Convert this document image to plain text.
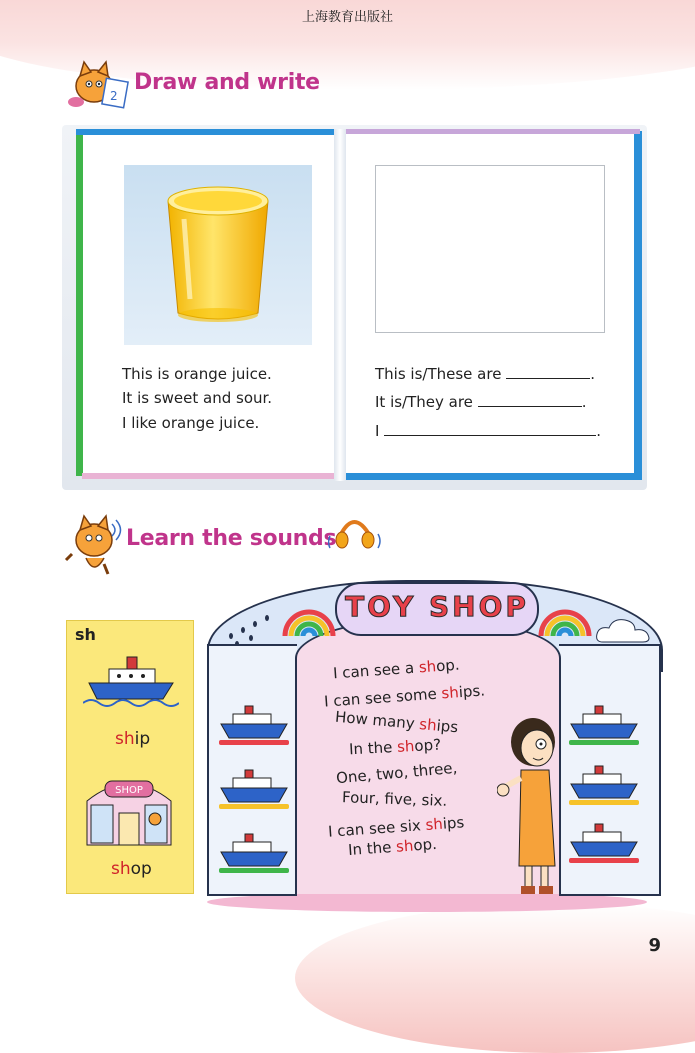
上海教育出版社
2
Draw and write
This is orange juice.
It is sweet and sour.
I like orange juice.
This is/These are	.
It is/They are	.
I	.
Learn the sounds
sh
ship
SHOP
shop
TOY SHOP
I can see a shop.
I can see some ships.
How many ships
In the shop?
One, two, three,
Four, five, six.
I can see six ships
In the shop.
9
